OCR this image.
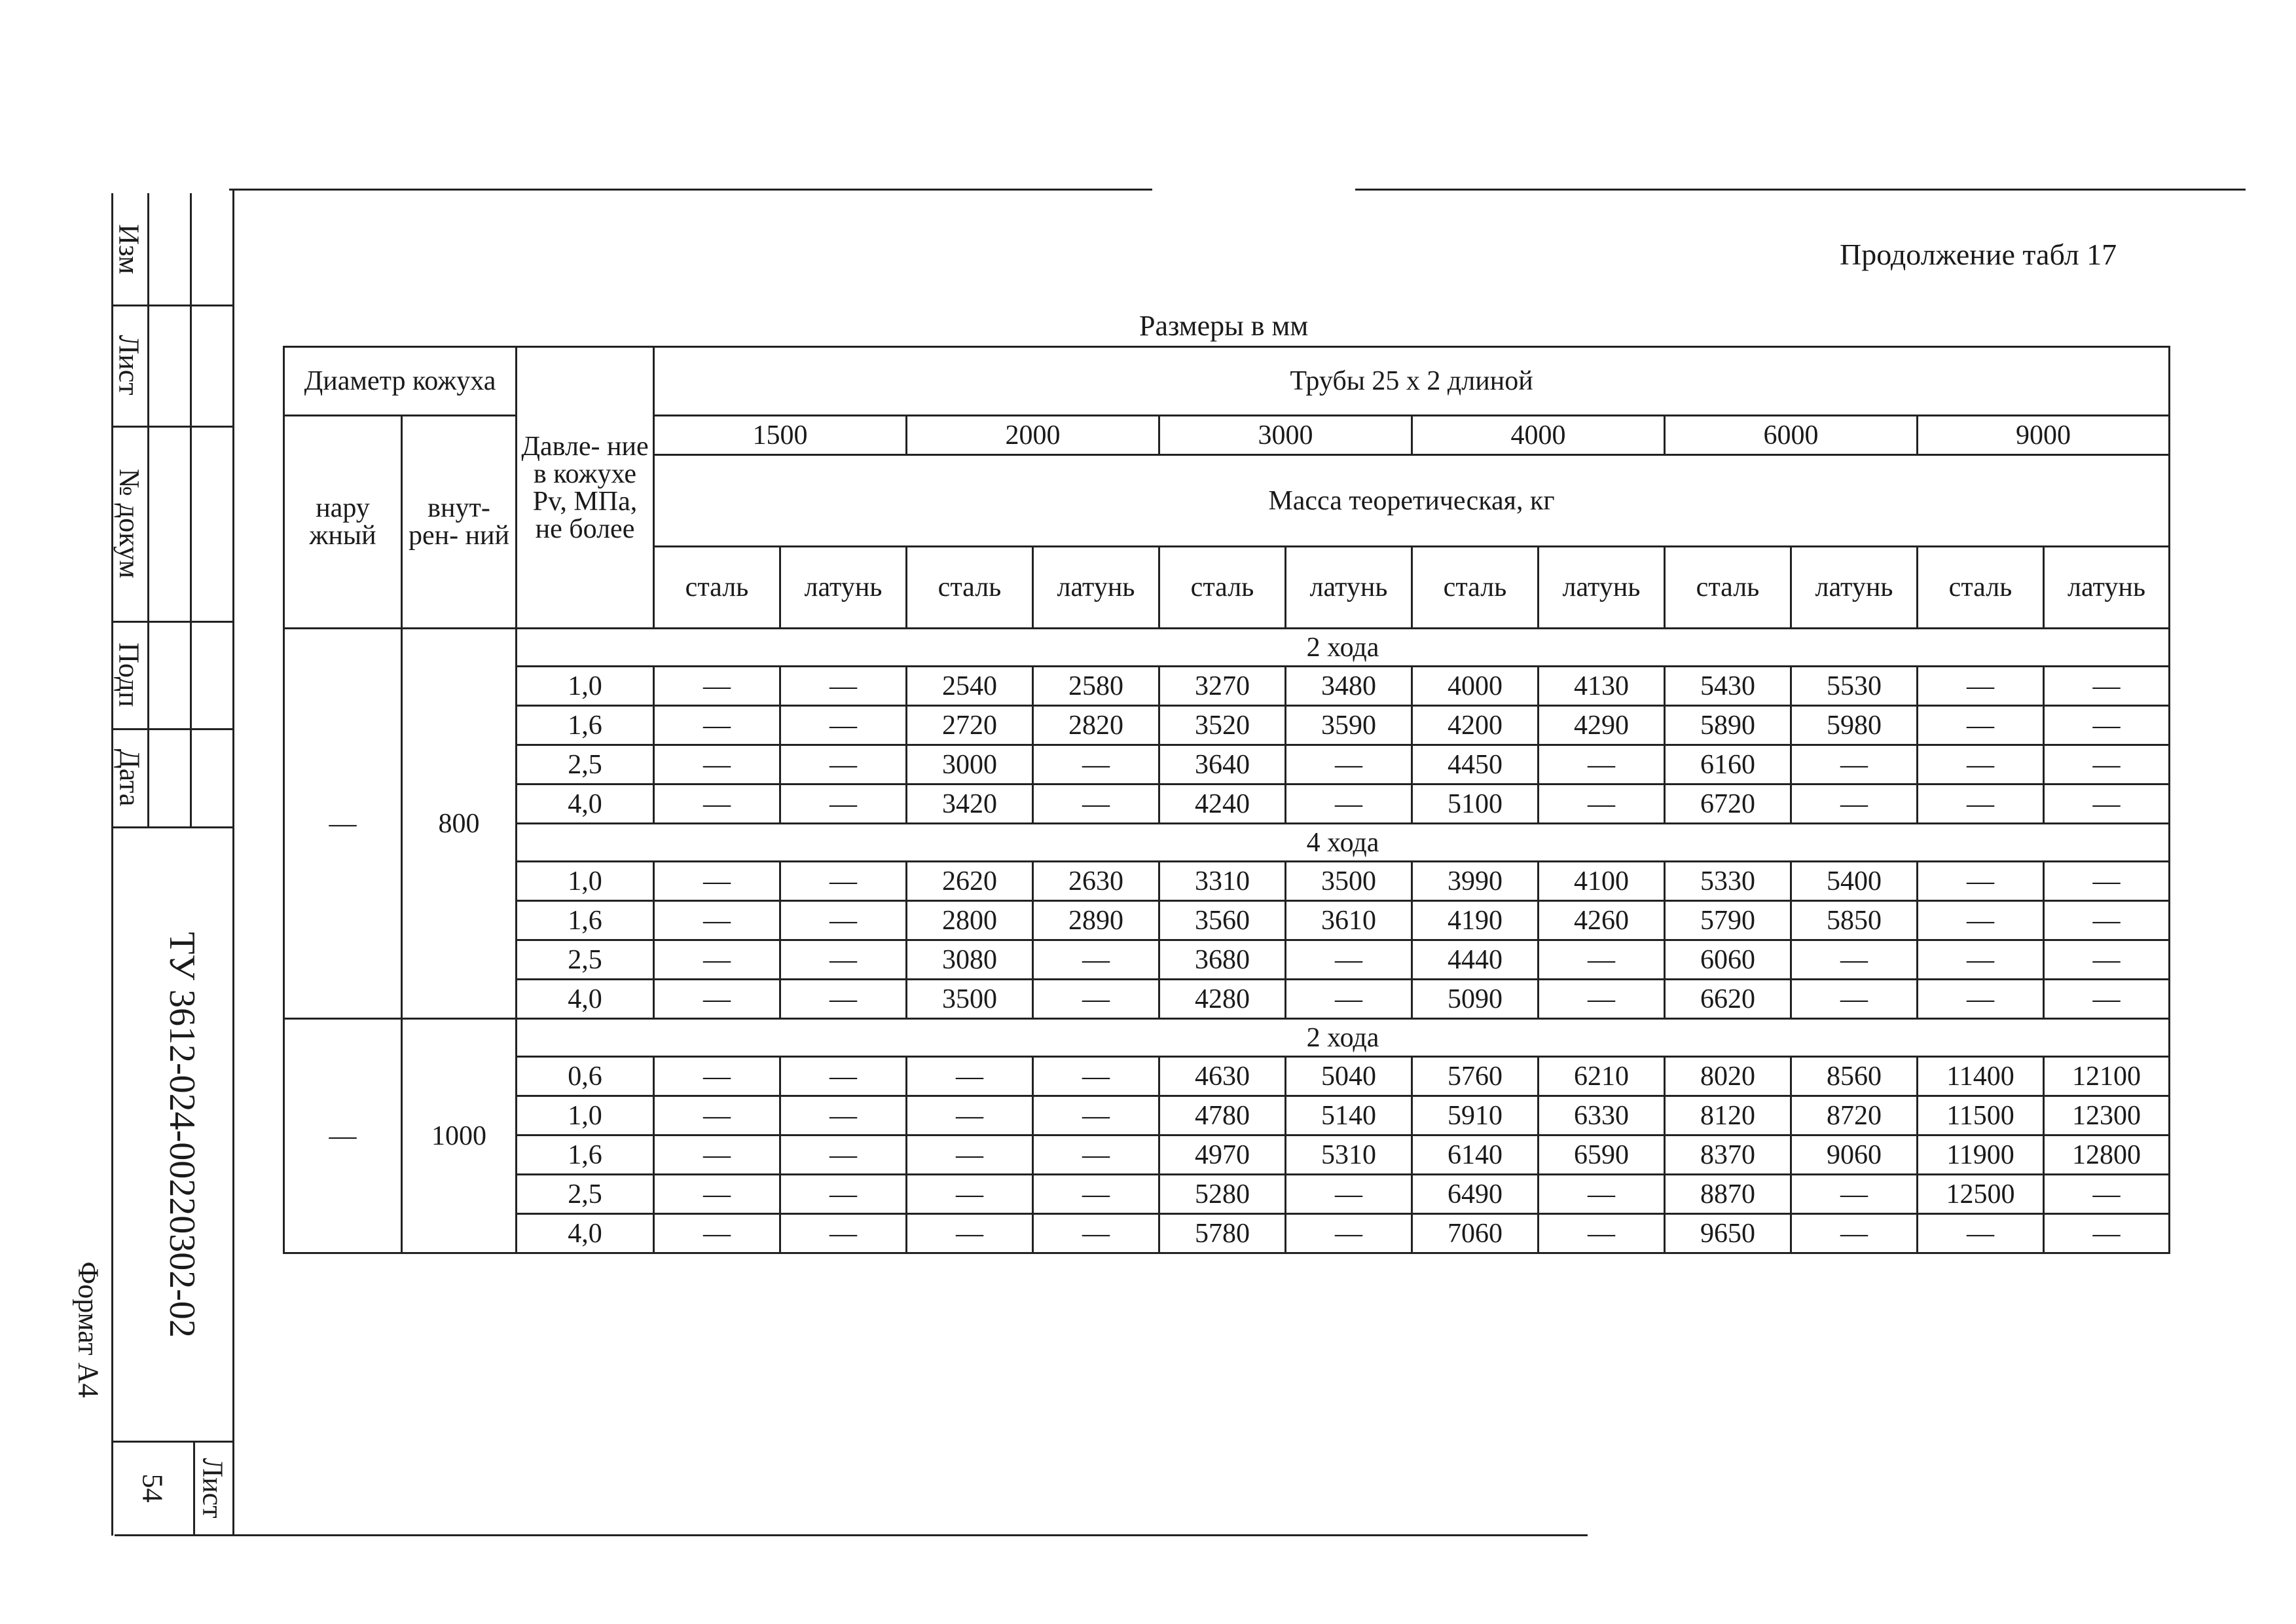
Изм
Лист
№ докум
Подп
Дата
ТУ 3612-024-00220302-02
54 Лист
Формат А4
Продолжение табл 17
Размеры в мм
Диаметр кожуха		Давле- ние в кожухе Pv, МПа, не более	Трубы 25 х 2 длиной											
нару жный	внут- рен- ний		1500		2000		3000		4000		6000		9000	
			Масса теоретическая, кг											
			сталь	латунь	сталь	латунь	сталь	латунь	сталь	латунь	сталь	латунь	сталь	латунь
—	800	2 хода												
		1,0	—	—	2540	2580	3270	3480	4000	4130	5430	5530	—	—
		1,6	—	—	2720	2820	3520	3590	4200	4290	5890	5980	—	—
		2,5	—	—	3000	—	3640	—	4450	—	6160	—	—	—
		4,0	—	—	3420	—	4240	—	5100	—	6720	—	—	—
		4 хода												
		1,0	—	—	2620	2630	3310	3500	3990	4100	5330	5400	—	—
		1,6	—	—	2800	2890	3560	3610	4190	4260	5790	5850	—	—
		2,5	—	—	3080	—	3680	—	4440	—	6060	—	—	—
		4,0	—	—	3500	—	4280	—	5090	—	6620	—	—	—
—	1000	2 хода												
		0,6	—	—	—	—	4630	5040	5760	6210	8020	8560	11400	12100
		1,0	—	—	—	—	4780	5140	5910	6330	8120	8720	11500	12300
		1,6	—	—	—	—	4970	5310	6140	6590	8370	9060	11900	12800
		2,5	—	—	—	—	5280	—	6490	—	8870	—	12500	—
		4,0	—	—	—	—	5780	—	7060	—	9650	—	—	—
